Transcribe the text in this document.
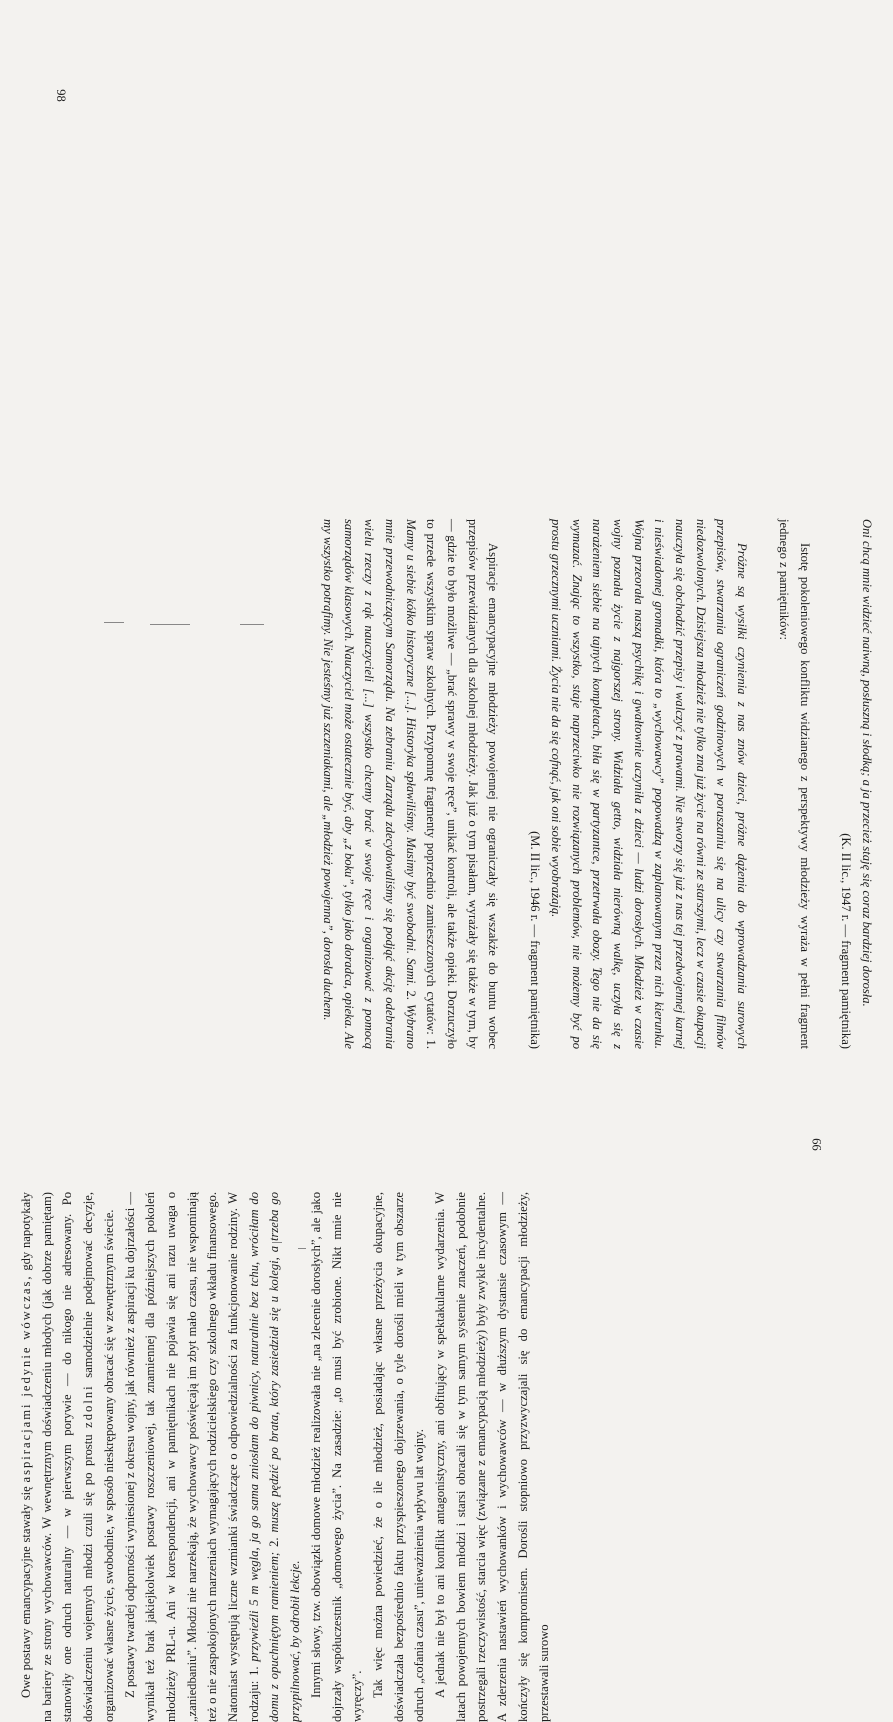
98

Oni chcą mnie widzieć naiwną, posłuszną i słodką; a ja przecież staję się coraz bardziej dorosła.

(K. II lic., 1947 r. — fragment pamiętnika)

Istotę pokoleniowego konfliktu widzianego z perspektywy młodzieży wyraża w pełni fragment jednego z pamiętników:

Próżne są wysiłki czynienia z nas znów dzieci, próżne dążenia do wprowadzania surowych przepisów, stwarzania ograniczeń godzinowych w poruszaniu się na ulicy czy stwarzania filmów niedozwolonych. Dzisiejsza młodzież nie tylko zna już życie na równi ze starszymi, lecz w czasie okupacji nauczyła się obchodzić przepisy i walczyć z prawami. Nie stworzy się już z nas tej przedwojennej karnej i nieświadomej gromadki, która to „wychowawcy” popowadzą w zaplanowanym przez nich kierunku. Wojna przeorała naszą psychikę i gwałtownie uczyniła z dzieci — ludzi dorosłych. Młodzież w czasie wojny poznała życie z najgorszej strony. Widziała getto, widziała nierówną walkę, uczyła się z narażeniem siebie na tajnych kompletach, biła się w partyzantce, przetrwała obozy. Tego nie da się wymazać. Znając to wszystko, staje naprzeciwko nie rozwiązanych problemów, nie możemy być po prostu grzecznymi uczniami. Życia nie da się cofnąć, jak oni sobie wyobrażają.

(M. II lic., 1946 r. — fragment pamiętnika)

Aspiracje emancypacyjne młodzieży powojennej nie ograniczały się wszakże do buntu wobec przepisów przewidzianych dla szkolnej młodzieży. Jak już o tym pisałam, wyrażały się także w tym, by — gdzie to było możliwe — „brać sprawy w swoje ręce”, unikać kontroli, ale także opieki. Dorzuczyło to przede wszystkim spraw szkolnych. Przypomnę fragmenty poprzednio zamieszczonych cytatów: 1. Mamy u siebie kółko historyczne [...]. Historyka spławiliśmy. Musimy być swobodni. Sami. 2. Wybrano mnie przewodniczącym Samorządu. Na zebraniu Zarządu zdecydowaliśmy się podjąć akcję odebrania wielu rzeczy z rąk nauczycieli [...] wszystko chcemy brać w swoje ręce i organizować z pomocą samorządów klasowych. Nauczyciel może ostatecznie być, aby „z boku”, tylko jako doradca, opieka. Ale my wszystko potrafimy. Nie jesteśmy już szczeniakami, ale „młodzież powojenna”, dorosła duchem.

Owe postawy emancypacyjne stawały się aspiracjami jedynie wówczas, gdy napotykały na bariery ze strony wychowawców. W wewnętrznym doświadczeniu młodych (jak dobrze pamiętam) stanowiły one odruch naturalny — w pierwszym porywie — do nikogo nie adresowany. Po doświadczeniu wojennych młodzi czuli się po prostu zdolni samodzielnie podejmować decyzje, organizować własne życie, swobodnie, w sposób nieskrępowany obracać się w zewnętrznym świecie. Z postawy twardej odporności wyniesionej z okresu wojny, jak również z aspiracji ku dojrzałości — wynikał też brak jakiejkolwiek postawy roszczeniowej, tak znamiennej dla późniejszych pokoleń młodzieży PRL-u. Ani w korespondencji, ani w pamiętnikach nie pojawia się ani razu uwaga o „zaniedbaniu”. Młodzi nie narzekają, że wychowawcy poświęcają im zbyt mało czasu, nie wspominają też o nie zaspokojonych marzeniach wymagających rodzicielskiego czy szkolnego wkładu finansowego. Natomiast występują liczne wzmianki świadczące o odpowiedzialności za funkcjonowanie rodziny. W rodzaju: 1. przywieźli 5 m węgla, ja go sama zniosłam do piwnicy, naturalnie bez tchu, wróciłam do domu z opuchniętym ramieniem; 2. muszę pędzić po brata, który zasiedział się u kolegi, a trzeba go przypilnować, by odrobił lekcje. Innymi słowy, tzw. obowiązki domowe młodzież realizowała nie „na zlecenie dorosłych”, ale jako dojrzały współuczestnik „domowego życia”. Na zasadzie: „to musi być zrobione. Nikt mnie nie wyręczy”. Tak więc można powiedzieć, że o ile młodzież, posiadając własne przeżycia okupacyjne, doświadczała bezpośrednio faktu przyspieszonego dojrzewania, o tyle dorośli mieli w tym obszarze odruch „cofania czasu”, unieważnienia wpływu lat wojny. A jednak nie był to ani konflikt antagonistyczny, ani obfitujący w spektakularne wydarzenia. W latach powojennych bowiem młodzi i starsi obracali się w tym samym systemie znaczeń, podobnie postrzegali rzeczywistość, starcia więc (związane z emancypacją młodzieży) były zwykle incydentalne. A zderzenia nastawień wychowanków i wychowawców — w dłuższym dystansie czasowym — kończyły się kompromisem. Dorośli stopniowo przyzwyczajali się do emancypacji młodzieży, przestawali surowo

99
